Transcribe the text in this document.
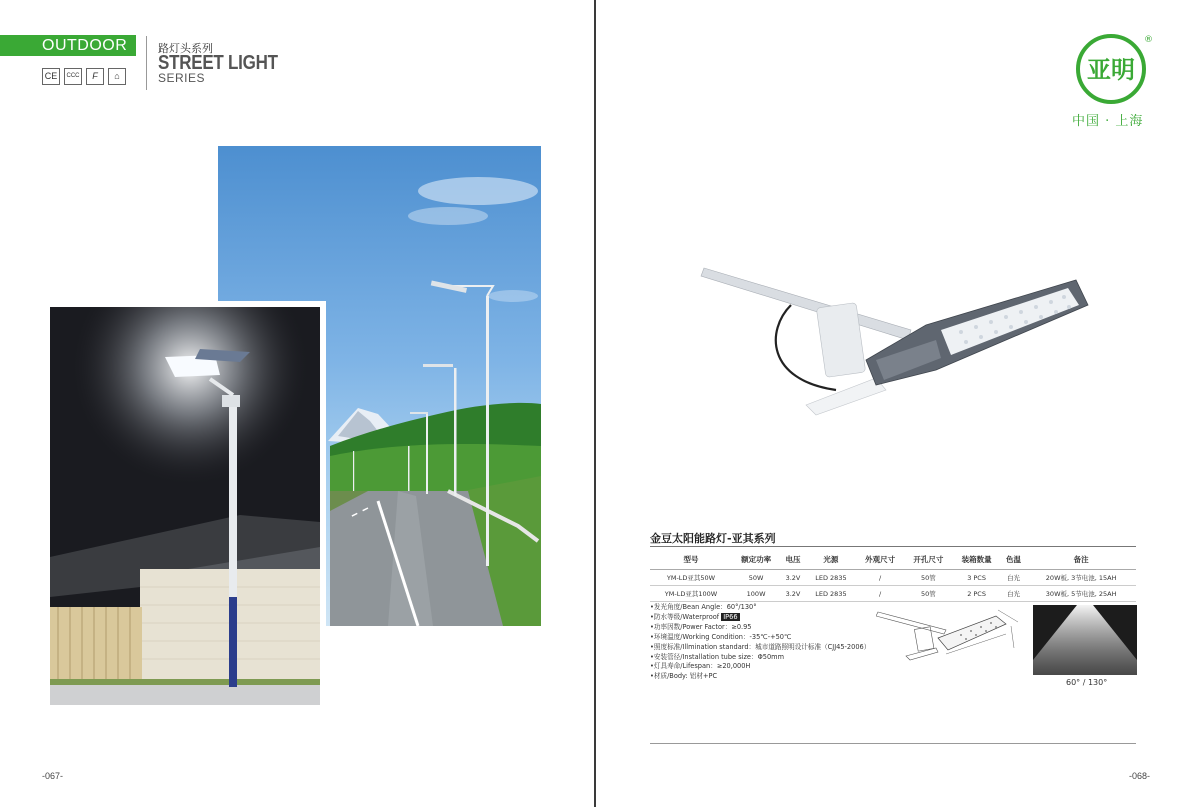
OUTDOOR
CE	CCC	F	⌂
路灯头系列
STREET LIGHT
SERIES
-067-
亚明
®
中国 · 上海
金豆太阳能路灯-亚其系列
型号	额定功率	电压	光源	外观尺寸	开孔尺寸	装箱数量	色温	备注
YM-LD亚其50W	50W	3.2V	LED 2835	/	50管	3 PCS	白光	20W板, 3节电池, 15AH
YM-LD亚其100W	100W	3.2V	LED 2835	/	50管	2 PCS	白光	30W板, 5节电池, 25AH
•发光角度/Bean Angle：60°/130°
•防水等级/Waterproof IP66
•功率因数/Power Factor：≥0.95
•环境温度/Working Condition：-35℃-+50℃
•照度标准/Illmination standard：城市道路照明设计标准（CJJ45-2006）
•安装管径/Installation tube size：Φ50mm
•灯具寿命/Lifespan：≥20,000H
•材质/Body: 铝材+PC
60° / 130°
-068-
